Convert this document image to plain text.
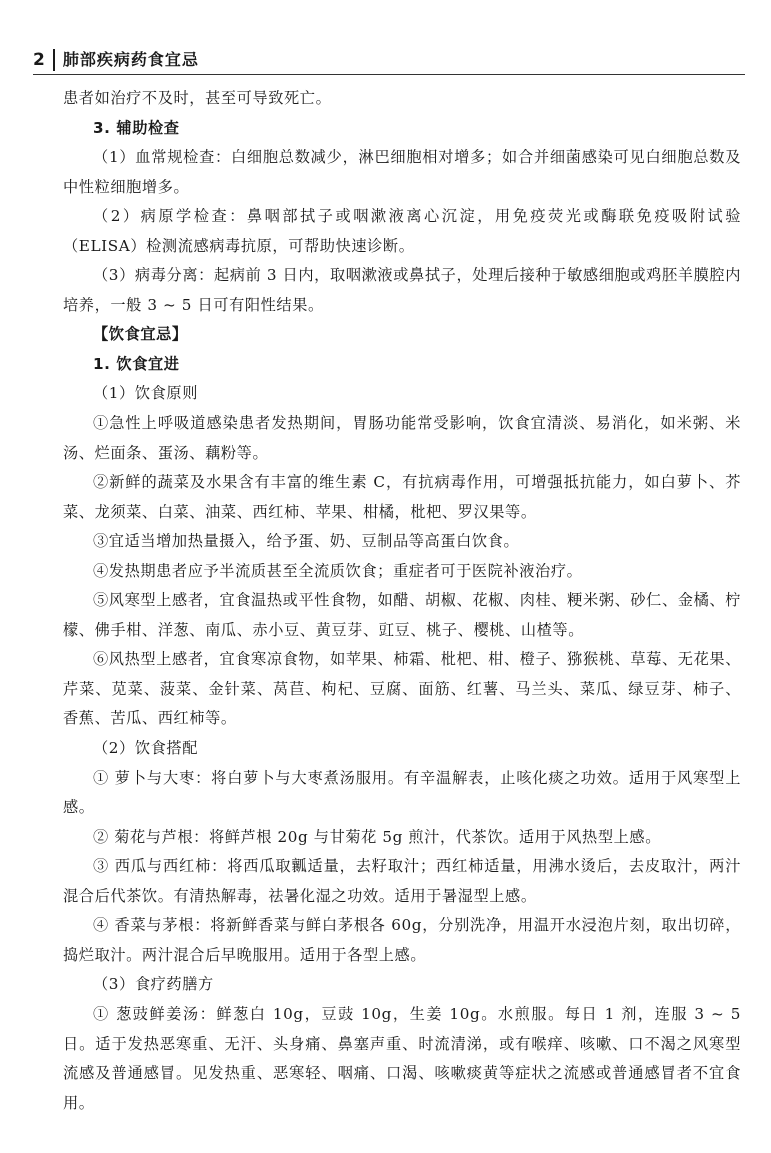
2 肺部疾病药食宜忌

患者如治疗不及时，甚至可导致死亡。

3. 辅助检查

（1）血常规检查：白细胞总数减少，淋巴细胞相对增多；如合并细菌感染可见白细胞总数及中性粒细胞增多。

（2）病原学检查：鼻咽部拭子或咽漱液离心沉淀，用免疫荧光或酶联免疫吸附试验（ELISA）检测流感病毒抗原，可帮助快速诊断。

（3）病毒分离：起病前 3 日内，取咽漱液或鼻拭子，处理后接种于敏感细胞或鸡胚羊膜腔内培养，一般 3 ~ 5 日可有阳性结果。

【饮食宜忌】

1. 饮食宜进

（1）饮食原则

①急性上呼吸道感染患者发热期间，胃肠功能常受影响，饮食宜清淡、易消化，如米粥、米汤、烂面条、蛋汤、藕粉等。

②新鲜的蔬菜及水果含有丰富的维生素 C，有抗病毒作用，可增强抵抗能力，如白萝卜、芥菜、龙须菜、白菜、油菜、西红柿、苹果、柑橘，枇杷、罗汉果等。

③宜适当增加热量摄入，给予蛋、奶、豆制品等高蛋白饮食。

④发热期患者应予半流质甚至全流质饮食；重症者可于医院补液治疗。

⑤风寒型上感者，宜食温热或平性食物，如醋、胡椒、花椒、肉桂、粳米粥、砂仁、金橘、柠檬、佛手柑、洋葱、南瓜、赤小豆、黄豆芽、豇豆、桃子、樱桃、山楂等。

⑥风热型上感者，宜食寒凉食物，如苹果、柿霜、枇杷、柑、橙子、猕猴桃、草莓、无花果、芹菜、苋菜、菠菜、金针菜、莴苣、枸杞、豆腐、面筋、红薯、马兰头、菜瓜、绿豆芽、柿子、香蕉、苦瓜、西红柿等。

（2）饮食搭配

① 萝卜与大枣：将白萝卜与大枣煮汤服用。有辛温解表，止咳化痰之功效。适用于风寒型上感。

② 菊花与芦根：将鲜芦根 20g 与甘菊花 5g 煎汁，代茶饮。适用于风热型上感。

③ 西瓜与西红柿：将西瓜取瓤适量，去籽取汁；西红柿适量，用沸水烫后，去皮取汁，两汁混合后代茶饮。有清热解毒，祛暑化湿之功效。适用于暑湿型上感。

④ 香菜与茅根：将新鲜香菜与鲜白茅根各 60g，分别洗净，用温开水浸泡片刻，取出切碎，捣烂取汁。两汁混合后早晚服用。适用于各型上感。

（3）食疗药膳方

① 葱豉鲜姜汤：鲜葱白 10g，豆豉 10g，生姜 10g。水煎服。每日 1 剂，连服 3 ~ 5 日。适于发热恶寒重、无汗、头身痛、鼻塞声重、时流清涕，或有喉痒、咳嗽、口不渴之风寒型流感及普通感冒。见发热重、恶寒轻、咽痛、口渴、咳嗽痰黄等症状之流感或普通感冒者不宜食用。
